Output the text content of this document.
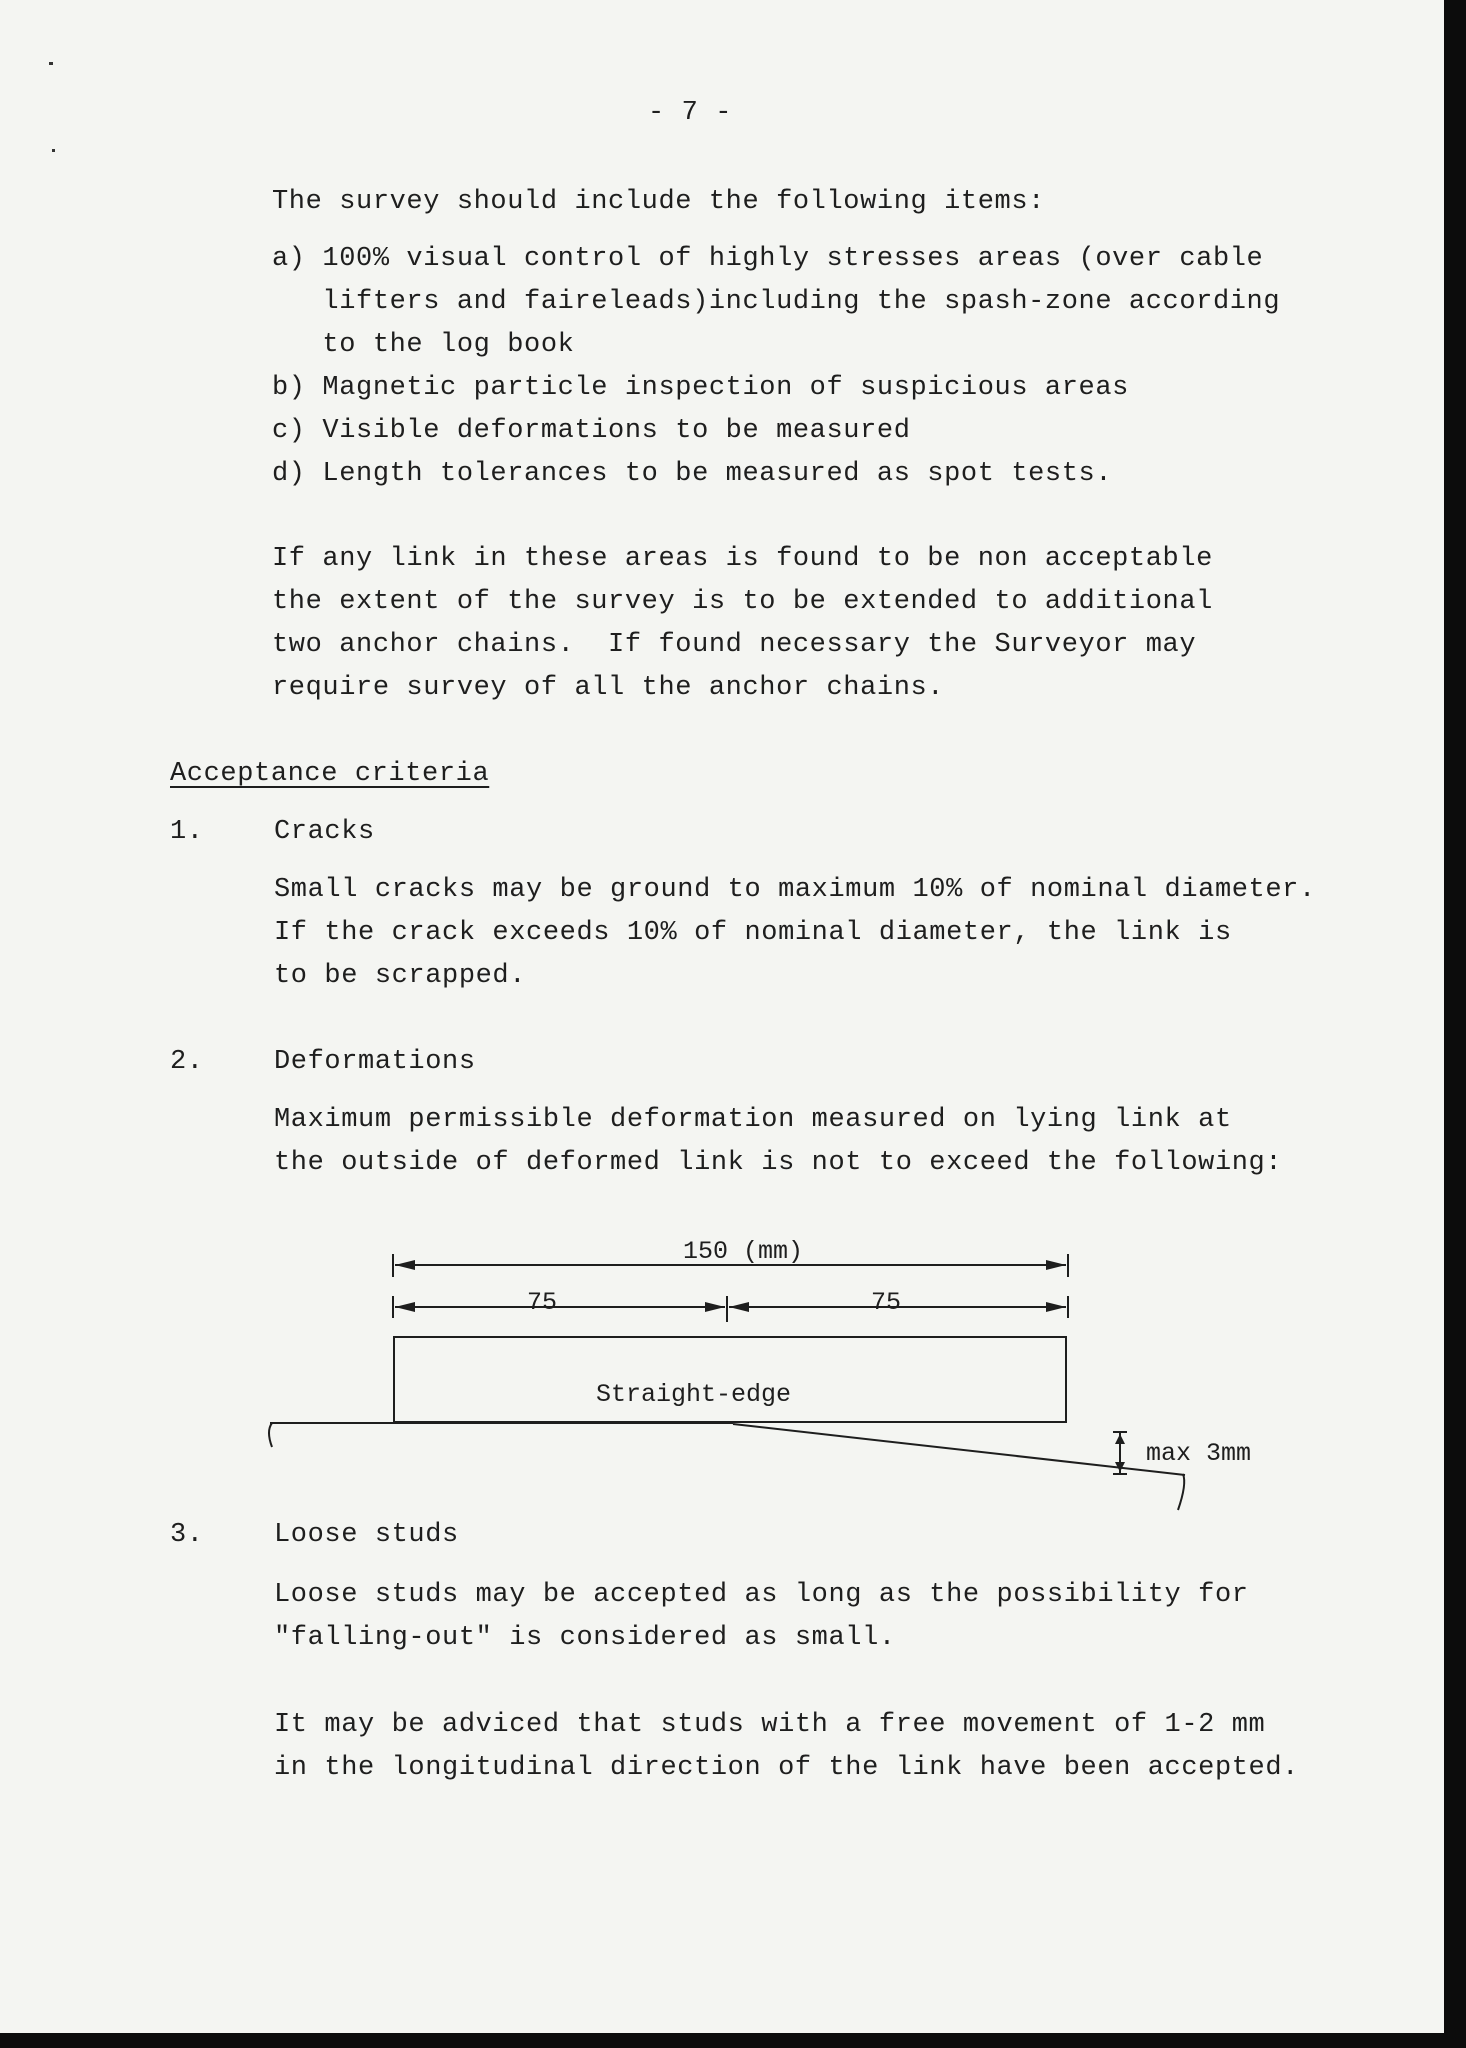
- 7 -
The survey should include the following items:
a) 100% visual control of highly stresses areas (over cable
lifters and faireleads)including the spash-zone according
to the log book
b) Magnetic particle inspection of suspicious areas
c) Visible deformations to be measured
d) Length tolerances to be measured as spot tests.
If any link in these areas is found to be non acceptable
the extent of the survey is to be extended to additional
two anchor chains.  If found necessary the Surveyor may
require survey of all the anchor chains.
Acceptance criteria
1.	Cracks
Small cracks may be ground to maximum 10% of nominal diameter.
If the crack exceeds 10% of nominal diameter, the link is
to be scrapped.
2.	Deformations
Maximum permissible deformation measured on lying link at
the outside of deformed link is not to exceed the following:
150 (mm)
75	75
Straight-edge
max 3mm
3.	Loose studs
Loose studs may be accepted as long as the possibility for
"falling-out" is considered as small.
It may be adviced that studs with a free movement of 1-2 mm
in the longitudinal direction of the link have been accepted.
